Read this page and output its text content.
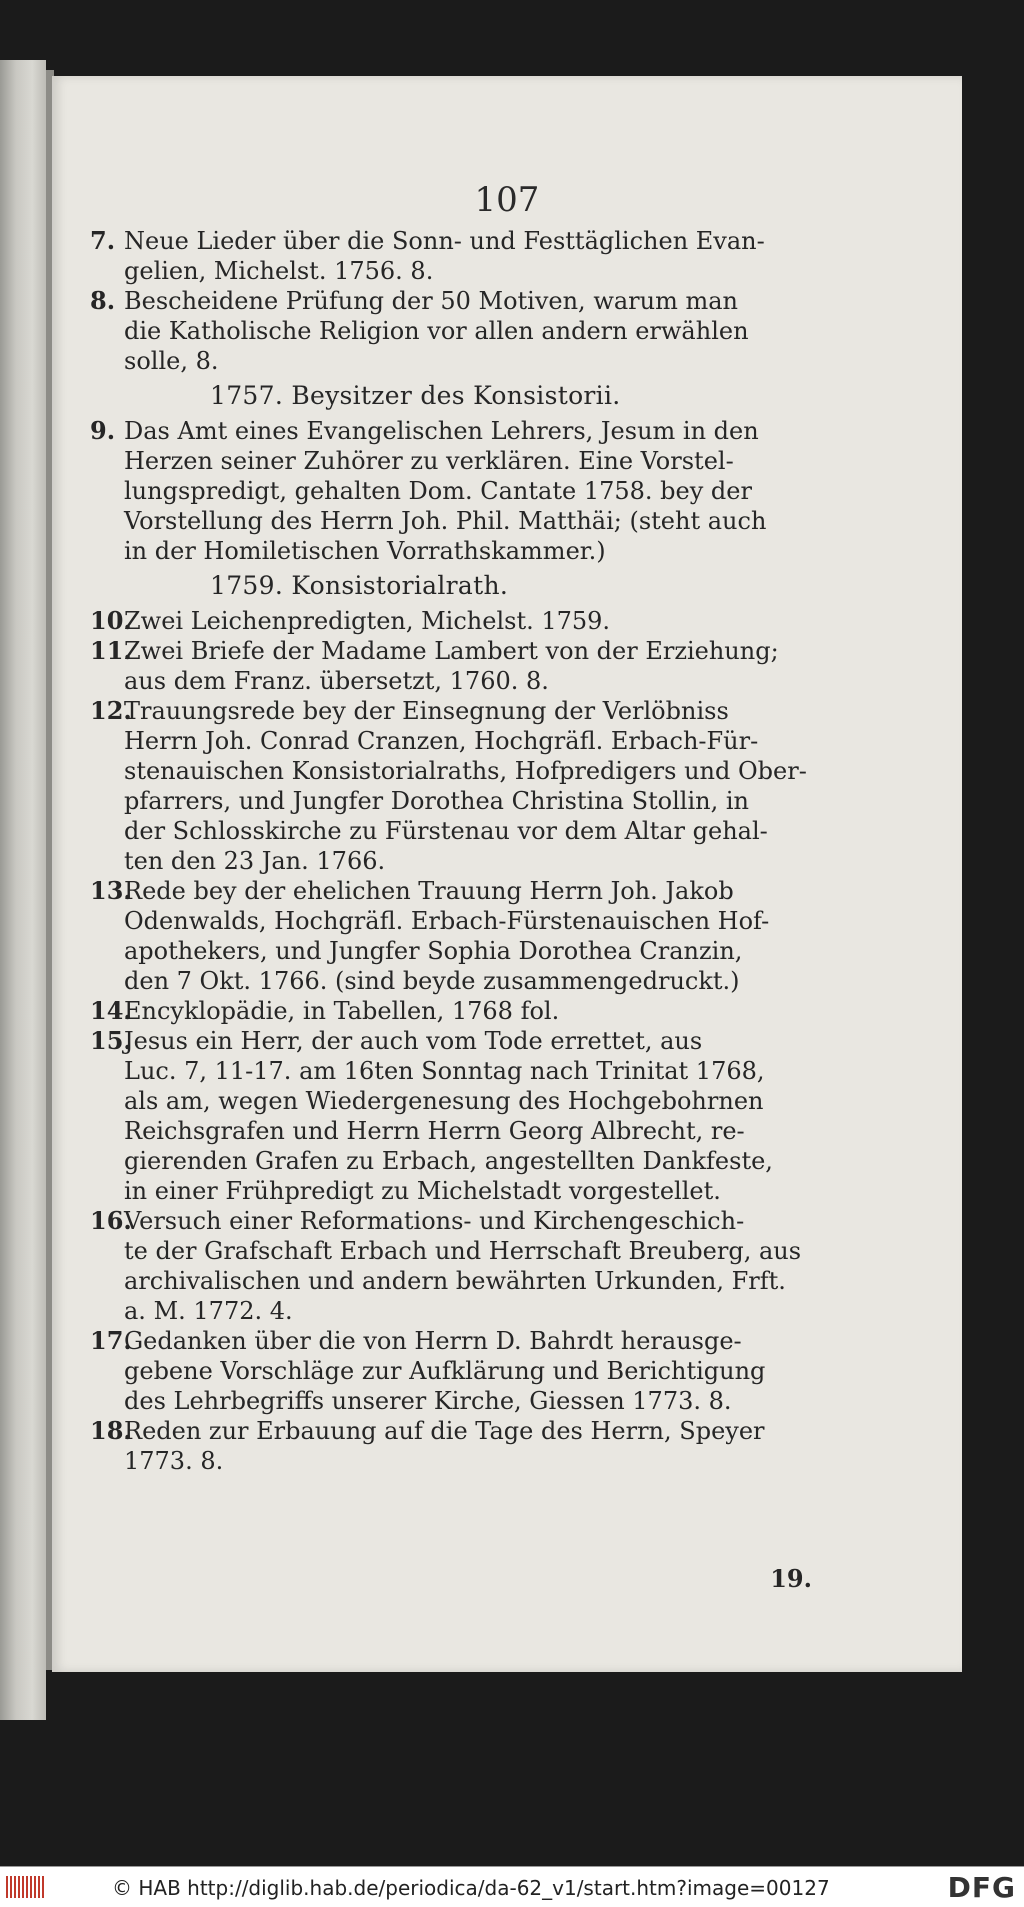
107
7. Neue Lieder über die Sonn- und Festtäglichen Evan-
gelien, Michelst. 1756. 8.
8. Bescheidene Prüfung der 50 Motiven, warum man
die Katholische Religion vor allen andern erwählen
solle, 8.
1757. Beysitzer des Konsistorii.
9. Das Amt eines Evangelischen Lehrers, Jesum in den
Herzen seiner Zuhörer zu verklären. Eine Vorstel-
lungspredigt, gehalten Dom. Cantate 1758. bey der
Vorstellung des Herrn Joh. Phil. Matthäi; (steht auch
in der Homiletischen Vorrathskammer.)
1759. Konsistorialrath.
10.
Zwei Leichenpredigten, Michelst. 1759.
11.
Zwei Briefe der Madame Lambert von der Erziehung;
aus dem Franz. übersetzt, 1760. 8.
12.
Trauungsrede bey der Einsegnung der Verlöbniss
Herrn Joh. Conrad Cranzen, Hochgräfl. Erbach-Für-
stenauischen Konsistorialraths, Hofpredigers und Ober-
pfarrers, und Jungfer Dorothea Christina Stollin, in
der Schlosskirche zu Fürstenau vor dem Altar gehal-
ten den 23 Jan. 1766.
13.
Rede bey der ehelichen Trauung Herrn Joh. Jakob
Odenwalds, Hochgräfl. Erbach-Fürstenauischen Hof-
apothekers, und Jungfer Sophia Dorothea Cranzin,
den 7 Okt. 1766. (sind beyde zusammengedruckt.)
14.
Encyklopädie, in Tabellen, 1768 fol.
15.
Jesus ein Herr, der auch vom Tode errettet, aus
Luc. 7, 11-17. am 16ten Sonntag nach Trinitat 1768,
als am, wegen Wiedergenesung des Hochgebohrnen
Reichsgrafen und Herrn Herrn Georg Albrecht, re-
gierenden Grafen zu Erbach, angestellten Dankfeste,
in einer Frühpredigt zu Michelstadt vorgestellet.
16.
Versuch einer Reformations- und Kirchengeschich-
te der Grafschaft Erbach und Herrschaft Breuberg, aus
archivalischen und andern bewährten Urkunden, Frft.
a. M. 1772. 4.
17.
Gedanken über die von Herrn D. Bahrdt herausge-
gebene Vorschläge zur Aufklärung und Berichtigung
des Lehrbegriffs unserer Kirche, Giessen 1773. 8.
18.
Reden zur Erbauung auf die Tage des Herrn, Speyer
1773. 8.
19.
© HAB http://diglib.hab.de/periodica/da-62_v1/start.htm?image=00127	DFG
